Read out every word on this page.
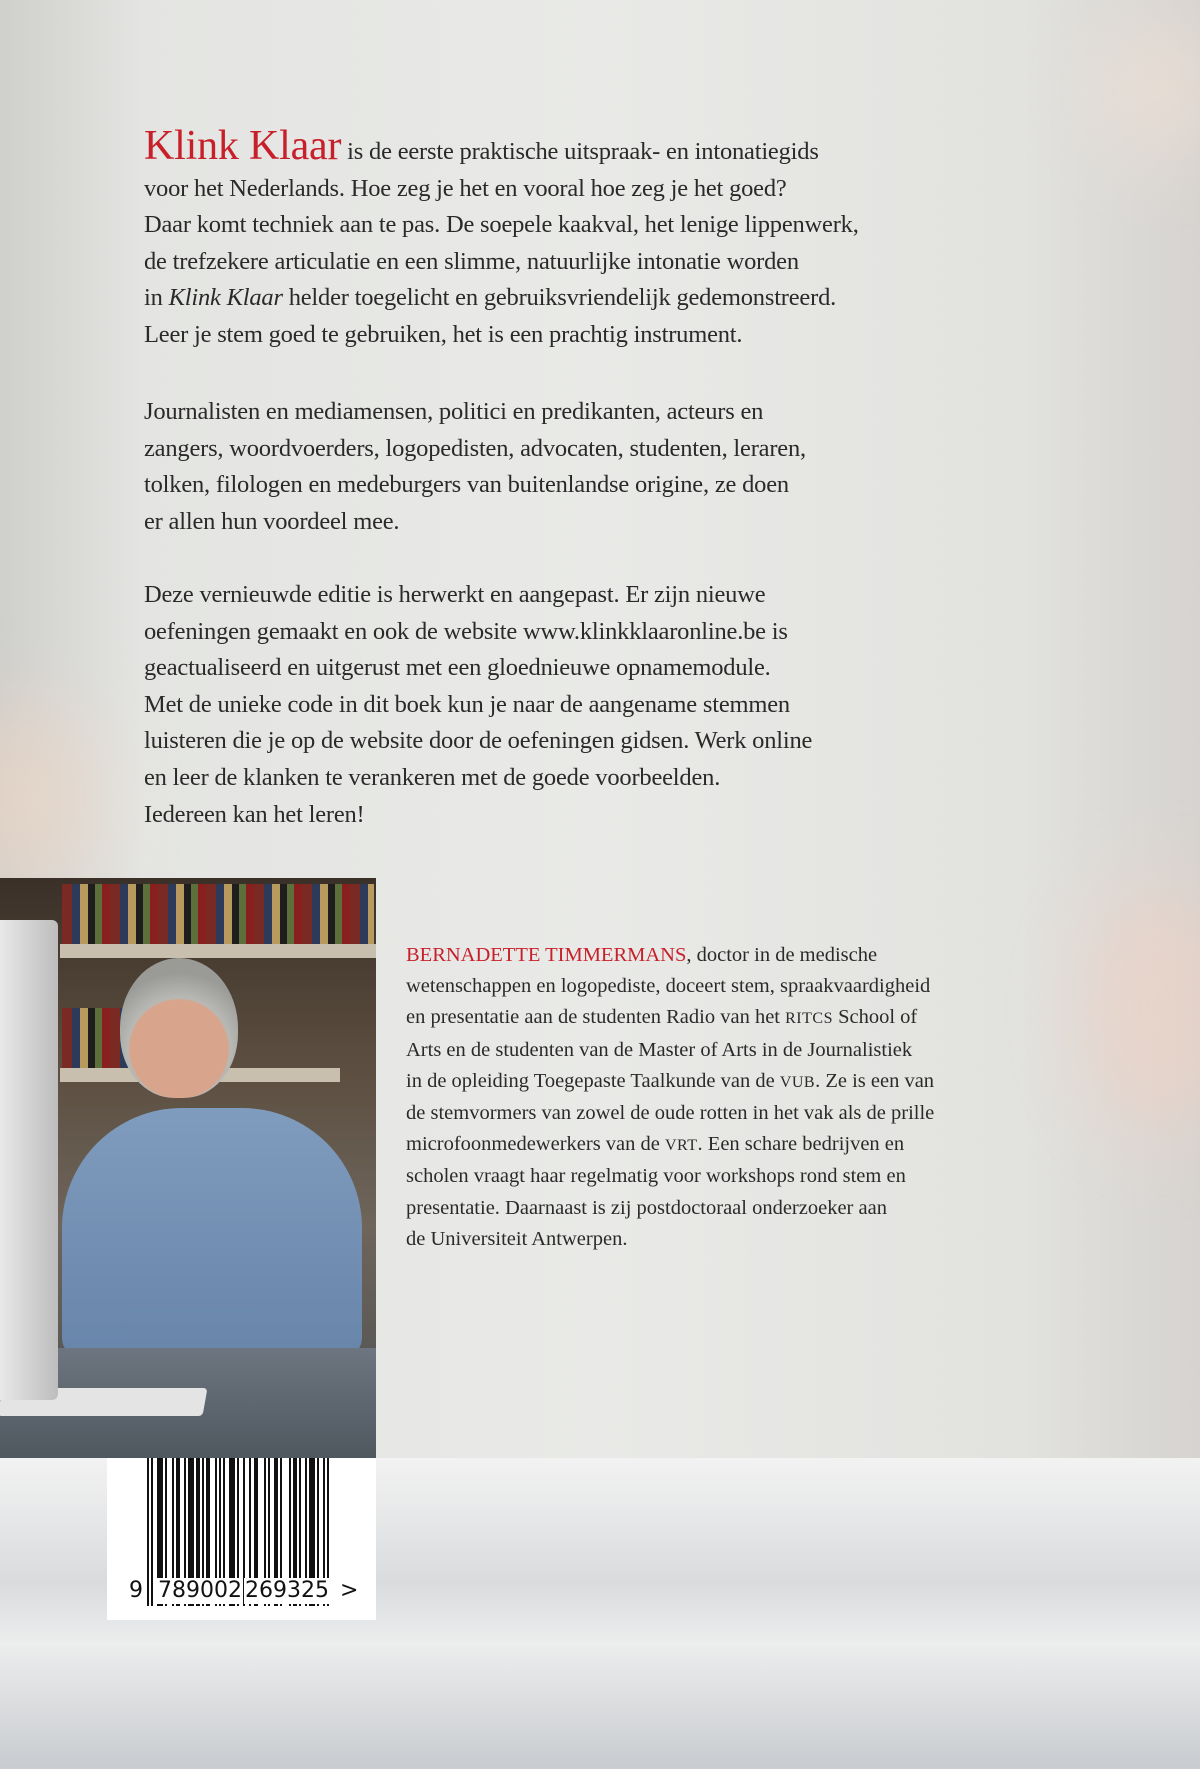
Klink Klaar is de eerste praktische uitspraak- en intonatiegids
voor het Nederlands. Hoe zeg je het en vooral hoe zeg je het goed?
Daar komt techniek aan te pas. De soepele kaakval, het lenige lippenwerk,
de trefzekere articulatie en een slimme, natuurlijke intonatie worden
in Klink Klaar helder toegelicht en gebruiksvriendelijk gedemonstreerd.
Leer je stem goed te gebruiken, het is een prachtig instrument.
Journalisten en mediamensen, politici en predikanten, acteurs en
zangers, woordvoerders, logopedisten, advocaten, studenten, leraren,
tolken, filologen en medeburgers van buitenlandse origine, ze doen
er allen hun voordeel mee.
Deze vernieuwde editie is herwerkt en aangepast. Er zijn nieuwe
oefeningen gemaakt en ook de website www.klinkklaaronline.be is
geactualiseerd en uitgerust met een gloednieuwe opnamemodule.
Met de unieke code in dit boek kun je naar de aangename stemmen
luisteren die je op de website door de oefeningen gidsen. Werk online
en leer de klanken te verankeren met de goede voorbeelden.
Iedereen kan het leren!
BERNADETTE TIMMERMANS, doctor in de medische
wetenschappen en logopediste, doceert stem, spraakvaardigheid
en presentatie aan de studenten Radio van het RITCS School of
Arts en de studenten van de Master of Arts in de Journalistiek
in de opleiding Toegepaste Taalkunde van de VUB. Ze is een van
de stemvormers van zowel de oude rotten in het vak als de prille
microfoonmedewerkers van de VRT. Een schare bedrijven en
scholen vraagt haar regelmatig voor workshops rond stem en
presentatie. Daarnaast is zij postdoctoraal onderzoeker aan
de Universiteit Antwerpen.
9 789002 269325 >
